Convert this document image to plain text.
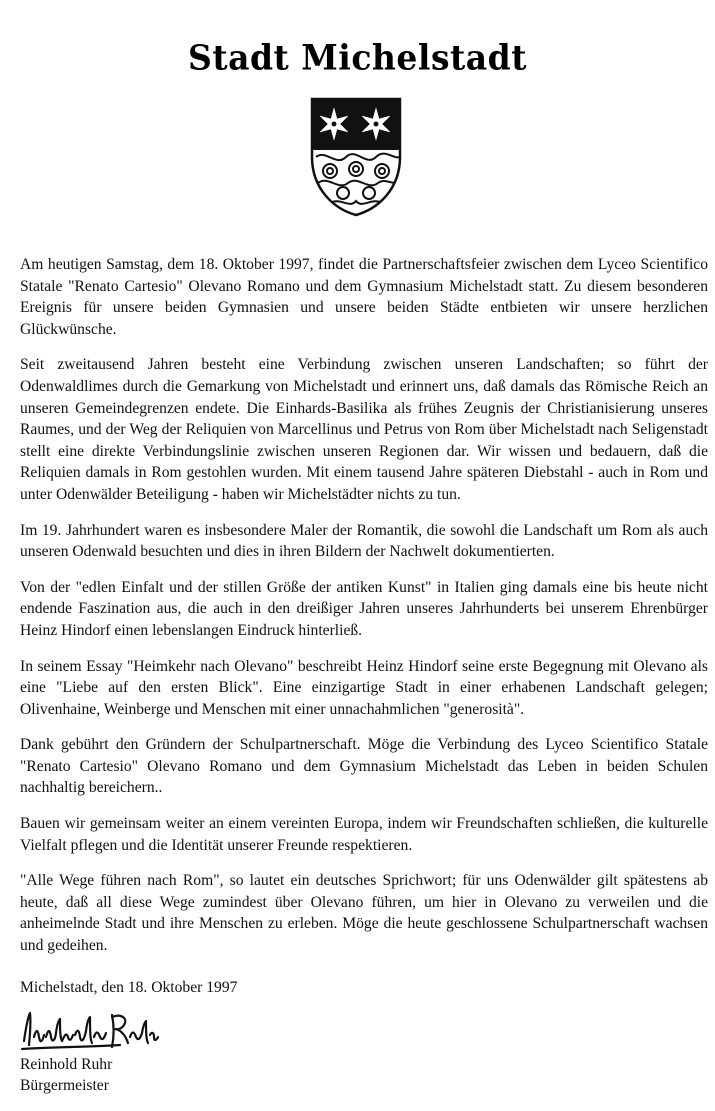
Stadt Michelstadt

Am heutigen Samstag, dem 18. Oktober 1997, findet die Partnerschaftsfeier zwischen dem Lyceo Scientifico Statale "Renato Cartesio" Olevano Romano und dem Gymnasium Michelstadt statt. Zu diesem besonderen Ereignis für unsere beiden Gymnasien und unsere beiden Städte entbieten wir unsere herzlichen Glückwünsche.

Seit zweitausend Jahren besteht eine Verbindung zwischen unseren Landschaften; so führt der Odenwaldlimes durch die Gemarkung von Michelstadt und erinnert uns, daß damals das Römische Reich an unseren Gemeindegrenzen endete. Die Einhards-Basilika als frühes Zeugnis der Christianisierung unseres Raumes, und der Weg der Reliquien von Marcellinus und Petrus von Rom über Michelstadt nach Seligenstadt stellt eine direkte Verbindungslinie zwischen unseren Regionen dar. Wir wissen und bedauern, daß die Reliquien damals in Rom gestohlen wurden. Mit einem tausend Jahre späteren Diebstahl - auch in Rom und unter Odenwälder Beteiligung - haben wir Michelstädter nichts zu tun.

Im 19. Jahrhundert waren es insbesondere Maler der Romantik, die sowohl die Landschaft um Rom als auch unseren Odenwald besuchten und dies in ihren Bildern der Nachwelt dokumentierten.

Von der "edlen Einfalt und der stillen Größe der antiken Kunst" in Italien ging damals eine bis heute nicht endende Faszination aus, die auch in den dreißiger Jahren unseres Jahrhunderts bei unserem Ehrenbürger Heinz Hindorf einen lebenslangen Eindruck hinterließ.

In seinem Essay "Heimkehr nach Olevano" beschreibt Heinz Hindorf seine erste Begegnung mit Olevano als eine "Liebe auf den ersten Blick". Eine einzigartige Stadt in einer erhabenen Landschaft gelegen; Olivenhaine, Weinberge und Menschen mit einer unnachahmlichen "generosità".

Dank gebührt den Gründern der Schulpartnerschaft. Möge die Verbindung des Lyceo Scientifico Statale "Renato Cartesio" Olevano Romano und dem Gymnasium Michelstadt das Leben in beiden Schulen nachhaltig bereichern..

Bauen wir gemeinsam weiter an einem vereinten Europa, indem wir Freundschaften schließen, die kulturelle Vielfalt pflegen und die Identität unserer Freunde respektieren.

"Alle Wege führen nach Rom", so lautet ein deutsches Sprichwort; für uns Odenwälder gilt spätestens ab heute, daß all diese Wege zumindest über Olevano führen, um hier in Olevano zu verweilen und die anheimelnde Stadt und ihre Menschen zu erleben. Möge die heute geschlossene Schulpartnerschaft wachsen und gedeihen.

Michelstadt, den 18. Oktober 1997

Reinhold Ruhr
Bürgermeister
